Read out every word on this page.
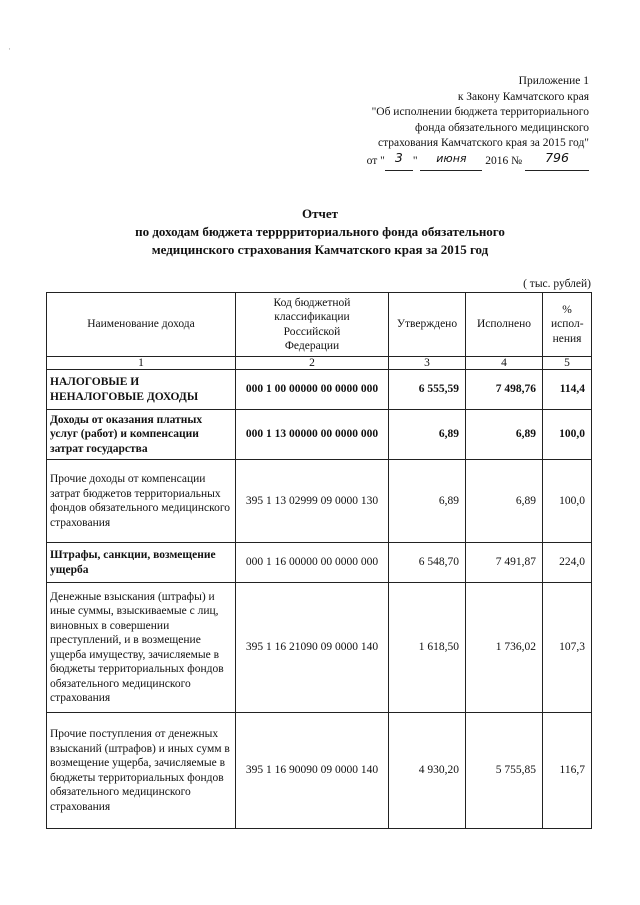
·
Приложение 1
к Закону Камчатского края
"Об исполнении бюджета территориального
фонда обязательного медицинского
страхования Камчатского края за 2015 год"
от " 3 " июня 2016 № 796
Отчет
по доходам бюджета терррриториального фонда обязательного
медицинского страхования Камчатского края за 2015 год
( тыс. рублей)
Наименование дохода	Код бюджетной классификации Российской Федерации	Утверждено	Исполнено	% испол-нения
1	2	3	4	5
НАЛОГОВЫЕ И НЕНАЛОГОВЫЕ ДОХОДЫ	000 1 00 00000 00 0000 000	6 555,59	7 498,76	114,4
Доходы от оказания платных услуг (работ) и компенсации затрат государства	000 1 13 00000 00 0000 000	6,89	6,89	100,0
Прочие доходы от компенсации затрат бюджетов территориальных фондов обязательного медицинского страхования	395 1 13 02999 09 0000 130	6,89	6,89	100,0
Штрафы, санкции, возмещение ущерба	000 1 16 00000 00 0000 000	6 548,70	7 491,87	224,0
Денежные взыскания (штрафы) и иные суммы, взыскиваемые с лиц, виновных в совершении преступлений, и в возмещение ущерба имуществу, зачисляемые в бюджеты территориальных фондов обязательного медицинского страхования	395 1 16 21090 09 0000 140	1 618,50	1 736,02	107,3
Прочие поступления от денежных взысканий (штрафов) и иных сумм в возмещение ущерба, зачисляемые в бюджеты территориальных фондов обязательного медицинского страхования	395 1 16 90090 09 0000 140	4 930,20	5 755,85	116,7
